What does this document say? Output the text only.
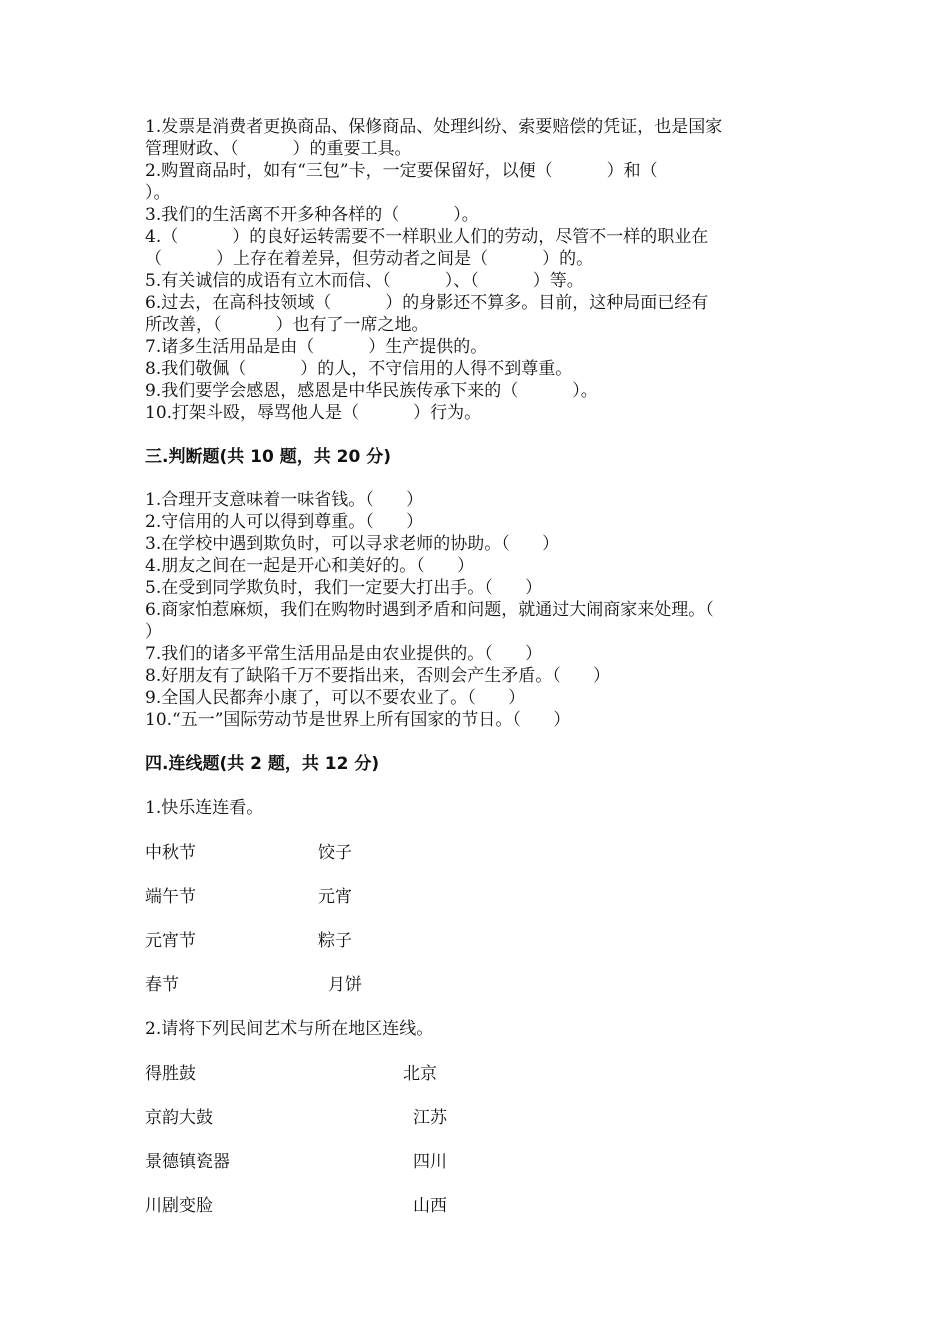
1.发票是消费者更换商品、保修商品、处理纠纷、索要赔偿的凭证，也是国家
管理财政、（          ）的重要工具。
2.购置商品时，如有“三包”卡，一定要保留好，以便（          ）和（
）。
3.我们的生活离不开多种各样的（          ）。
4.（          ）的良好运转需要不一样职业人们的劳动，尽管不一样的职业在
（          ）上存在着差异，但劳动者之间是（          ）的。
5.有关诚信的成语有立木而信、（          ）、（          ）等。
6.过去，在高科技领域（          ）的身影还不算多。目前，这种局面已经有
所改善，（          ）也有了一席之地。
7.诸多生活用品是由（          ）生产提供的。
8.我们敬佩（          ）的人，不守信用的人得不到尊重。
9.我们要学会感恩，感恩是中华民族传承下来的（          ）。
10.打架斗殴，辱骂他人是（          ）行为。
三.判断题(共 10 题，共 20 分)
1.合理开支意味着一味省钱。（      ）
2.守信用的人可以得到尊重。（      ）
3.在学校中遇到欺负时，可以寻求老师的协助。（      ）
4.朋友之间在一起是开心和美好的。（      ）
5.在受到同学欺负时，我们一定要大打出手。（      ）
6.商家怕惹麻烦，我们在购物时遇到矛盾和问题，就通过大闹商家来处理。（
）
7.我们的诸多平常生活用品是由农业提供的。（      ）
8.好朋友有了缺陷千万不要指出来，否则会产生矛盾。（      ）
9.全国人民都奔小康了，可以不要农业了。（      ）
10.“五一”国际劳动节是世界上所有国家的节日。（      ）
四.连线题(共 2 题，共 12 分)
1.快乐连连看。
中秋节	饺子
端午节	元宵
元宵节	粽子
春节	月饼
2.请将下列民间艺术与所在地区连线。
得胜鼓	北京
京韵大鼓	江苏
景德镇瓷器	四川
川剧变脸	山西
